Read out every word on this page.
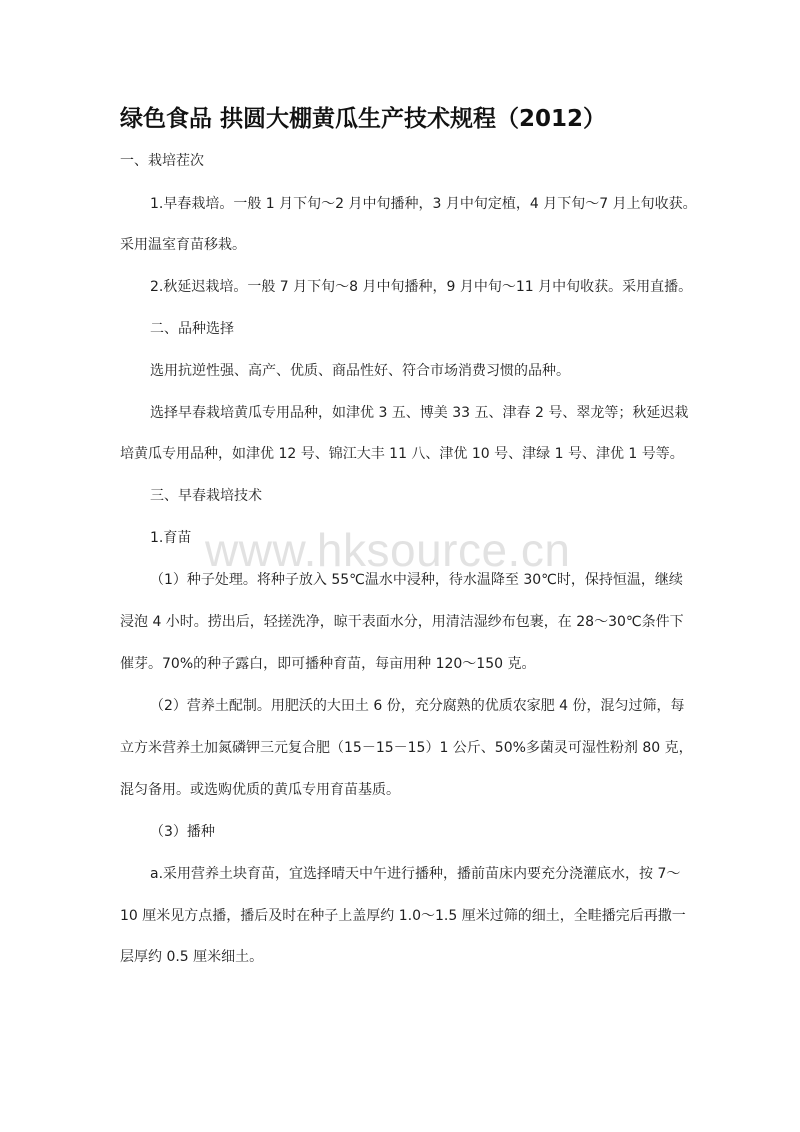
绿色食品 拱圆大棚黄瓜生产技术规程（2012）
一、栽培茬次
1.早春栽培。一般 1 月下旬～2 月中旬播种，3 月中旬定植，4 月下旬～7 月上旬收获。
采用温室育苗移栽。
2.秋延迟栽培。一般 7 月下旬～8 月中旬播种，9 月中旬～11 月中旬收获。采用直播。
二、品种选择
选用抗逆性强、高产、优质、商品性好、符合市场消费习惯的品种。
选择早春栽培黄瓜专用品种，如津优 3 五、博美 33 五、津春 2 号、翠龙等；秋延迟栽
培黄瓜专用品种，如津优 12 号、锦江大丰 11 八、津优 10 号、津绿 1 号、津优 1 号等。
三、早春栽培技术
1.育苗
（1）种子处理。将种子放入 55℃温水中浸种，待水温降至 30℃时，保持恒温，继续
浸泡 4 小时。捞出后，轻搓洗净，晾干表面水分，用清洁湿纱布包裹，在 28～30℃条件下
催芽。70%的种子露白，即可播种育苗，每亩用种 120～150 克。
（2）营养土配制。用肥沃的大田土 6 份，充分腐熟的优质农家肥 4 份，混匀过筛，每
立方米营养土加氮磷钾三元复合肥（15－15－15）1 公斤、50%多菌灵可湿性粉剂 80 克，
混匀备用。或选购优质的黄瓜专用育苗基质。
（3）播种
a.采用营养土块育苗，宜选择晴天中午进行播种，播前苗床内要充分浇灌底水，按 7～
10 厘米见方点播，播后及时在种子上盖厚约 1.0～1.5 厘米过筛的细土，全畦播完后再撒一
层厚约 0.5 厘米细土。
www.hksource.cn
